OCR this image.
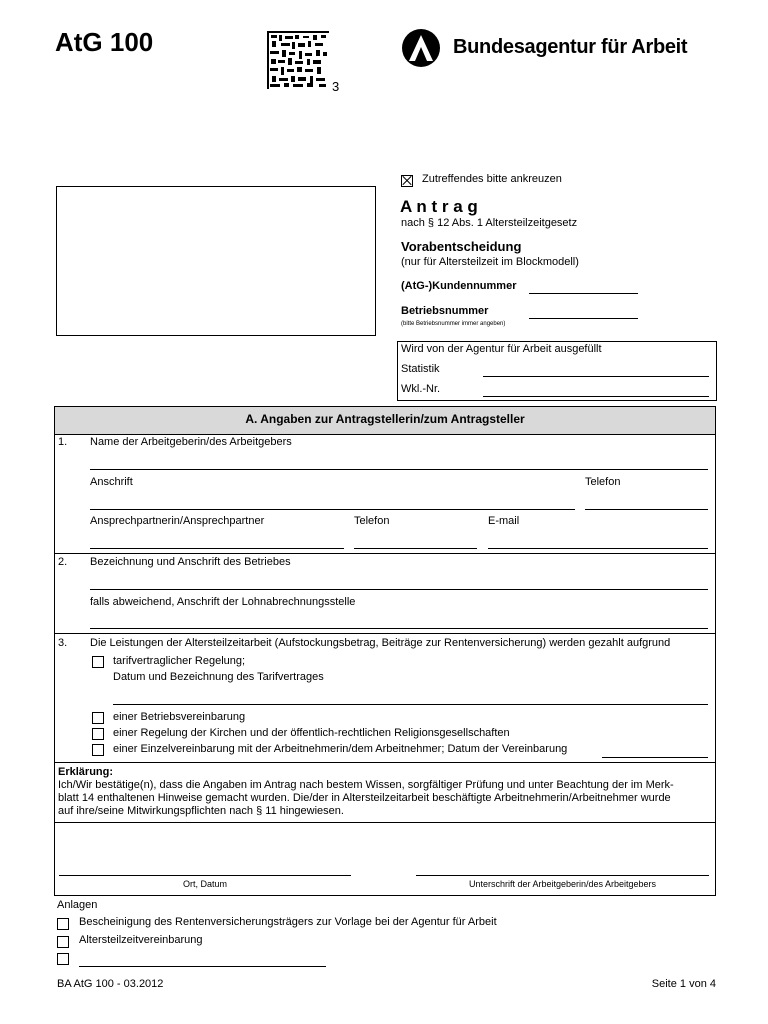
AtG 100
3
Bundesagentur für Arbeit
Zutreffendes bitte ankreuzen
A n t r a g
nach § 12 Abs. 1 Altersteilzeitgesetz
Vorabentscheidung
(nur für Altersteilzeit im Blockmodell)
(AtG-)Kundennummer
Betriebsnummer
(bitte Betriebsnummer immer angeben)
Wird von der Agentur für Arbeit ausgefüllt
Statistik
Wkl.-Nr.
A. Angaben zur Antragstellerin/zum Antragsteller
1. Name der Arbeitgeberin/des Arbeitgebers
Anschrift	Telefon
Ansprechpartnerin/Ansprechpartner	Telefon	E-mail
2. Bezeichnung und Anschrift des Betriebes
falls abweichend, Anschrift der Lohnabrechnungsstelle
3. Die Leistungen der Altersteilzeitarbeit (Aufstockungsbetrag, Beiträge zur Rentenversicherung) werden gezahlt aufgrund
tarifvertraglicher Regelung;
Datum und Bezeichnung des Tarifvertrages
einer Betriebsvereinbarung
einer Regelung der Kirchen und der öffentlich-rechtlichen Religionsgesellschaften
einer Einzelvereinbarung mit der Arbeitnehmerin/dem Arbeitnehmer; Datum der Vereinbarung
Erklärung:
Ich/Wir bestätige(n), dass die Angaben im Antrag nach bestem Wissen, sorgfältiger Prüfung und unter Beachtung der im Merk-
blatt 14 enthaltenen Hinweise gemacht wurden. Die/der in Altersteilzeitarbeit beschäftigte Arbeitnehmerin/Arbeitnehmer wurde
auf ihre/seine Mitwirkungspflichten nach § 11 hingewiesen.
Ort, Datum	Unterschrift der Arbeitgeberin/des Arbeitgebers
Anlagen
Bescheinigung des Rentenversicherungsträgers zur Vorlage bei der Agentur für Arbeit
Altersteilzeitvereinbarung
BA AtG 100 - 03.2012	Seite 1 von 4
